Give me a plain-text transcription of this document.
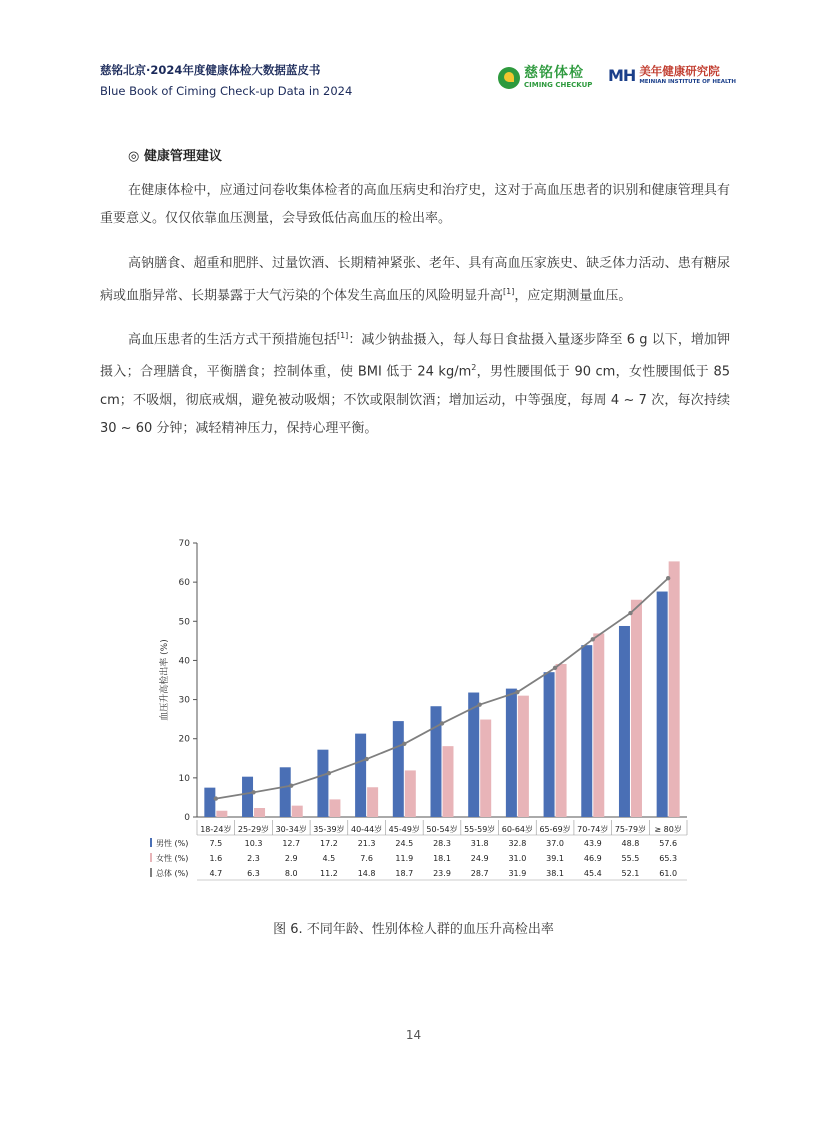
慈铭北京·2024年度健康体检大数据蓝皮书
Blue Book of Ciming Check-up Data in 2024
慈铭体检
CIMING CHECKUP MH 美年健康研究院
MEINIAN INSTITUTE OF HEALTH
◎ 健康管理建议
在健康体检中，应通过问卷收集体检者的高血压病史和治疗史，这对于高血压患者的识别和健康管理具有重要意义。仅仅依靠血压测量，会导致低估高血压的检出率。
高钠膳食、超重和肥胖、过量饮酒、长期精神紧张、老年、具有高血压家族史、缺乏体力活动、患有糖尿病或血脂异常、长期暴露于大气污染的个体发生高血压的风险明显升高[1]，应定期测量血压。
高血压患者的生活方式干预措施包括[1]：减少钠盐摄入，每人每日食盐摄入量逐步降至 6 g 以下，增加钾摄入；合理膳食，平衡膳食；控制体重，使 BMI 低于 24 $kg/m^2$，男性腰围低于 90 cm，女性腰围低于 85 cm；不吸烟，彻底戒烟，避免被动吸烟；不饮或限制饮酒；增加运动，中等强度，每周 4 ~ 7 次，每次持续 30 ~ 60 分钟；减轻精神压力，保持心理平衡。
0
10
20
30
40
50
60
70
血压升高检出率 (%)
18-24岁 25-29岁 30-34岁 35-39岁 40-44岁 45-49岁 50-54岁 55-59岁 60-64岁 65-69岁 70-74岁 75-79岁 ≥ 80岁
男性 (%)	7.5	10.3 12.7 17.2 21.3 24.5 28.3 31.8 32.8 37.0 43.9 48.8 57.6
女性 (%)	1.6	2.3	2.9	4.5	7.6	11.9 18.1 24.9 31.0 39.1 46.9 55.5 65.3
总体 (%)	4.7	6.3	8.0	11.2 14.8 18.7 23.9 28.7 31.9 38.1 45.4 52.1 61.0
图 6. 不同年龄、性别体检人群的血压升高检出率
14
